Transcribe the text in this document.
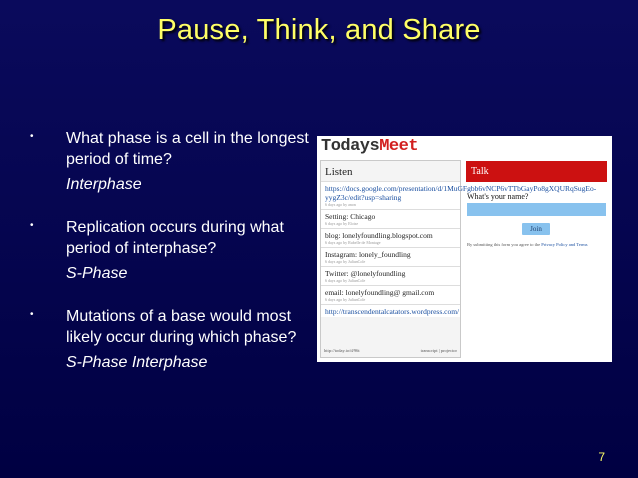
Pause, Think, and Share
•	What phase is a cell in the longest period of time?
Interphase
•	Replication occurs during what period of interphase?
S-Phase
•	Mutations of a base would most likely occur during which phase?
S-Phase Interphase
TodaysMeet
Listen
https://docs.google.com/presentation/d/1MuGFgbb6vNCP6vTTbGayPo8gXQURqSugEo-yygZ3c/edit?usp=sharing
6 days ago by anon
Setting: Chicago
6 days ago by Eloise
blog: lonelyfoundling.blogspot.com
6 days ago by Rubelle de Montage
Instagram: lonely_foundling
6 days ago by JulianCole
Twitter: @lonelyfoundling
6 days ago by JulianCole
email: lonelyfoundling@ gmail.com
6 days ago by JulianCole
http://transcendentalcatators.wordpress.com/
http://today.io/d/96t	transcript | projector
Talk
What's your name?
Join
By submitting this form you agree to the Privacy Policy and Terms
7
